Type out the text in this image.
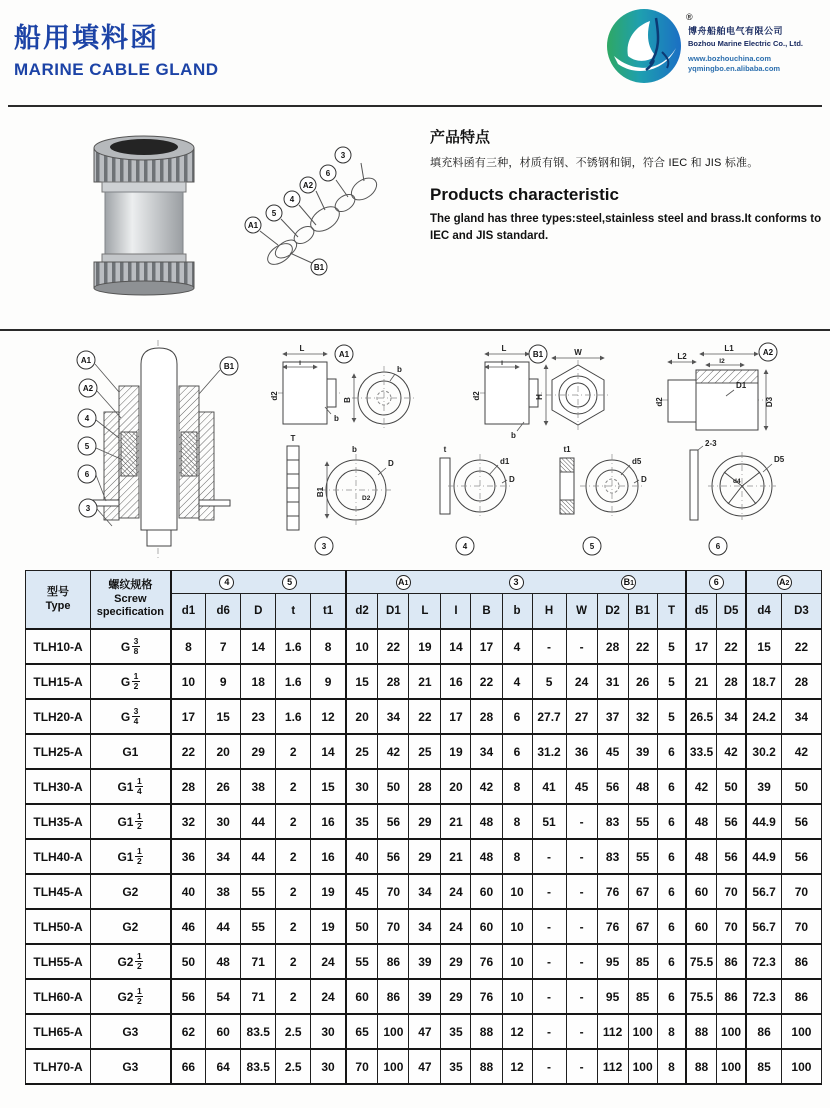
船用填料函
MARINE CABLE GLAND
®
博舟船舶电气有限公司
Bozhou Marine Electric Co., Ltd.
www.bozhouchina.com
yqmingbo.en.alibaba.com
3
6
A2
4
5
A1
B1
产品特点
填充料函有三种，材质有钢、不锈钢和铜，符合 IEC 和 JIS 标准。
Products characteristic
The gland has three types:steel,stainless steel and brass.It conforms to IEC and JIS standard.
A1
A2
4
5
6
3
B1
L
I
d2
b
A1
b
B
T
b
D
D2
B1
3
L
I
d2
b
B1	W
H
L2
L1
I2
d2
D1
D3
A2
t
d1
D
4
t1
d5
D
5
2-3
d4
D5
6
型号
Type

螺纹规格
Screw
specification

4	5	A 1	3	B 1	6	A 2

		d1	d6	D	t	t1	d2	D1	L	I	B	b	H	W	D2	B1	T	d5	D5	d4	D3
TLH10-A	G $\frac{3}{8}$	8	7	14	1.6	8	10	22	19	14	17	4	-	-	28	22	5	17	22	15	22
TLH15-A	G $\frac{1}{2}$	10	9	18	1.6	9	15	28	21	16	22	4	5	24	31	26	5	21	28	18.7	28
TLH20-A	G $\frac{3}{4}$	17	15	23	1.6	12	20	34	22	17	28	6	27.7	27	37	32	5	26.5	34	24.2	34
TLH25-A	G1	22	20	29	2	14	25	42	25	19	34	6	31.2	36	45	39	6	33.5	42	30.2	42
TLH30-A	$G1 \frac{1}{4}$	28	26	38	2	15	30	50	28	20	42	8	41	45	56	48	6	42	50	39	50
TLH35-A	$G1 \frac{1}{2}$	32	30	44	2	16	35	56	29	21	48	8	51	-	83	55	6	48	56	44.9	56
TLH40-A	$G1 \frac{1}{2}$	36	34	44	2	16	40	56	29	21	48	8	-	-	83	55	6	48	56	44.9	56
TLH45-A	G2	40	38	55	2	19	45	70	34	24	60	10	-	-	76	67	6	60	70	56.7	70
TLH50-A	G2	46	44	55	2	19	50	70	34	24	60	10	-	-	76	67	6	60	70	56.7	70
TLH55-A	$G2 \frac{1}{2}$	50	48	71	2	24	55	86	39	29	76	10	-	-	95	85	6	75.5	86	72.3	86
TLH60-A	$G2 \frac{1}{2}$	56	54	71	2	24	60	86	39	29	76	10	-	-	95	85	6	75.5	86	72.3	86
TLH65-A	G3	62	60	83.5	2.5	30	65	100	47	35	88	12	-	-	112	100	8	88	100	86	100
TLH70-A	G3	66	64	83.5	2.5	30	70	100	47	35	88	12	-	-	112	100	8	88	100	85	100
